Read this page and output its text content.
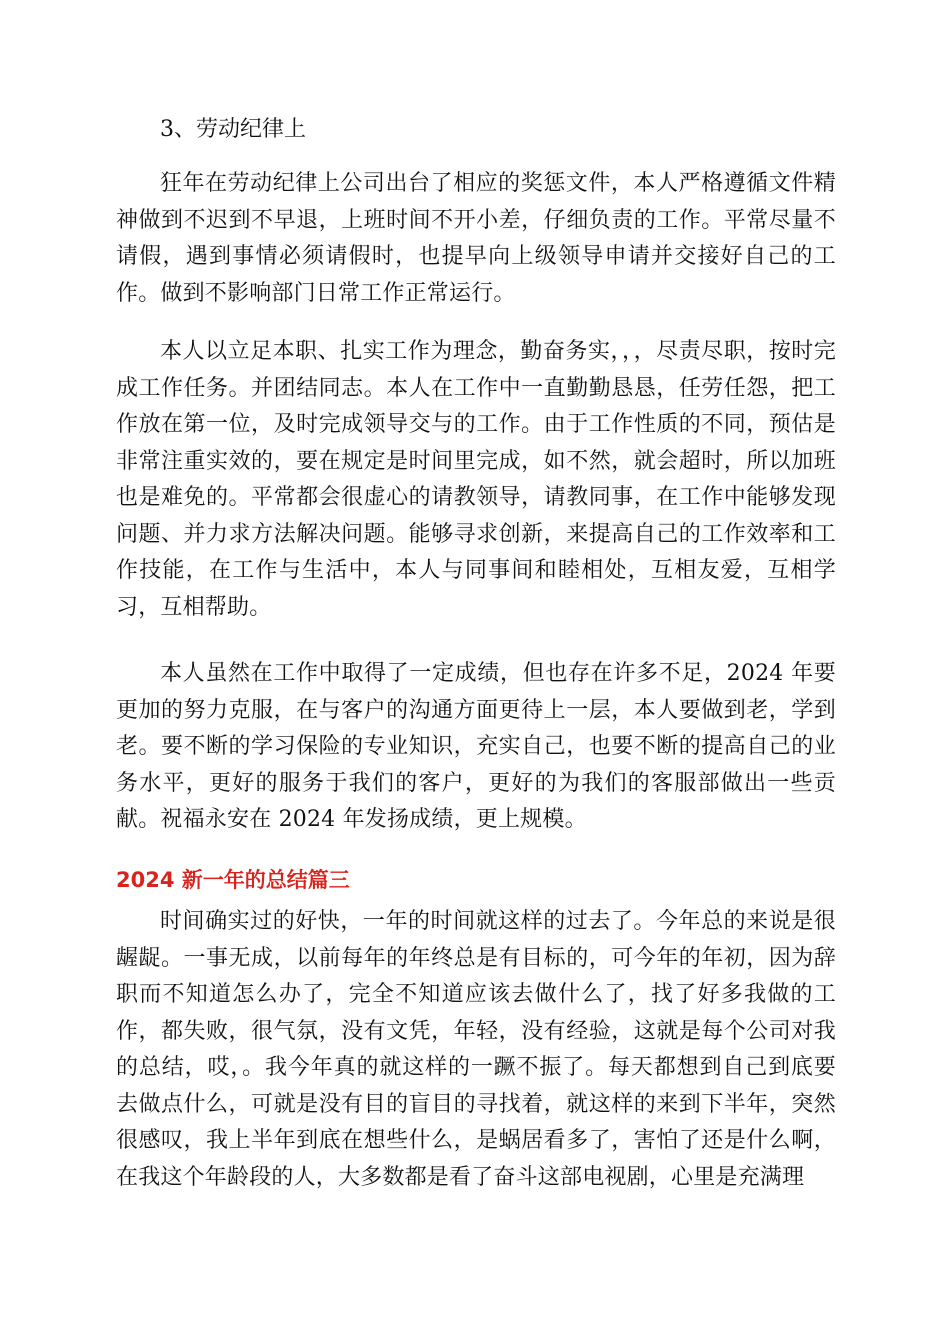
3、劳动纪律上

狂年在劳动纪律上公司出台了相应的奖惩文件，本人严格遵循文件精神做到不迟到不早退，上班时间不开小差，仔细负责的工作。平常尽量不请假，遇到事情必须请假时，也提早向上级领导申请并交接好自己的工作。做到不影响部门日常工作正常运行。

本人以立足本职、扎实工作为理念，勤奋务实，，，尽责尽职，按时完成工作任务。并团结同志。本人在工作中一直勤勤恳恳，任劳任怨，把工作放在第一位，及时完成领导交与的工作。由于工作性质的不同，预估是非常注重实效的，要在规定是时间里完成，如不然，就会超时，所以加班也是难免的。平常都会很虚心的请教领导，请教同事，在工作中能够发现问题、并力求方法解决问题。能够寻求创新，来提高自己的工作效率和工作技能，在工作与生活中，本人与同事间和睦相处，互相友爱，互相学习，互相帮助。

本人虽然在工作中取得了一定成绩，但也存在许多不足，2024 年要更加的努力克服，在与客户的沟通方面更待上一层，本人要做到老，学到老。要不断的学习保险的专业知识，充实自己，也要不断的提高自己的业务水平，更好的服务于我们的客户，更好的为我们的客服部做出一些贡献。祝福永安在 2024 年发扬成绩，更上规模。

2024 新一年的总结篇三

时间确实过的好快，一年的时间就这样的过去了。今年总的来说是很龌龊。一事无成，以前每年的年终总是有目标的，可今年的年初，因为辞职而不知道怎么办了，完全不知道应该去做什么了，找了好多我做的工作，都失败，很气氛，没有文凭，年轻，没有经验，这就是每个公司对我的总结，哎，。我今年真的就这样的一蹶不振了。每天都想到自己到底要去做点什么，可就是没有目的盲目的寻找着，就这样的来到下半年，突然很感叹，我上半年到底在想些什么，是蜗居看多了，害怕了还是什么啊，在我这个年龄段的人，大多数都是看了奋斗这部电视剧，心里是充满理
